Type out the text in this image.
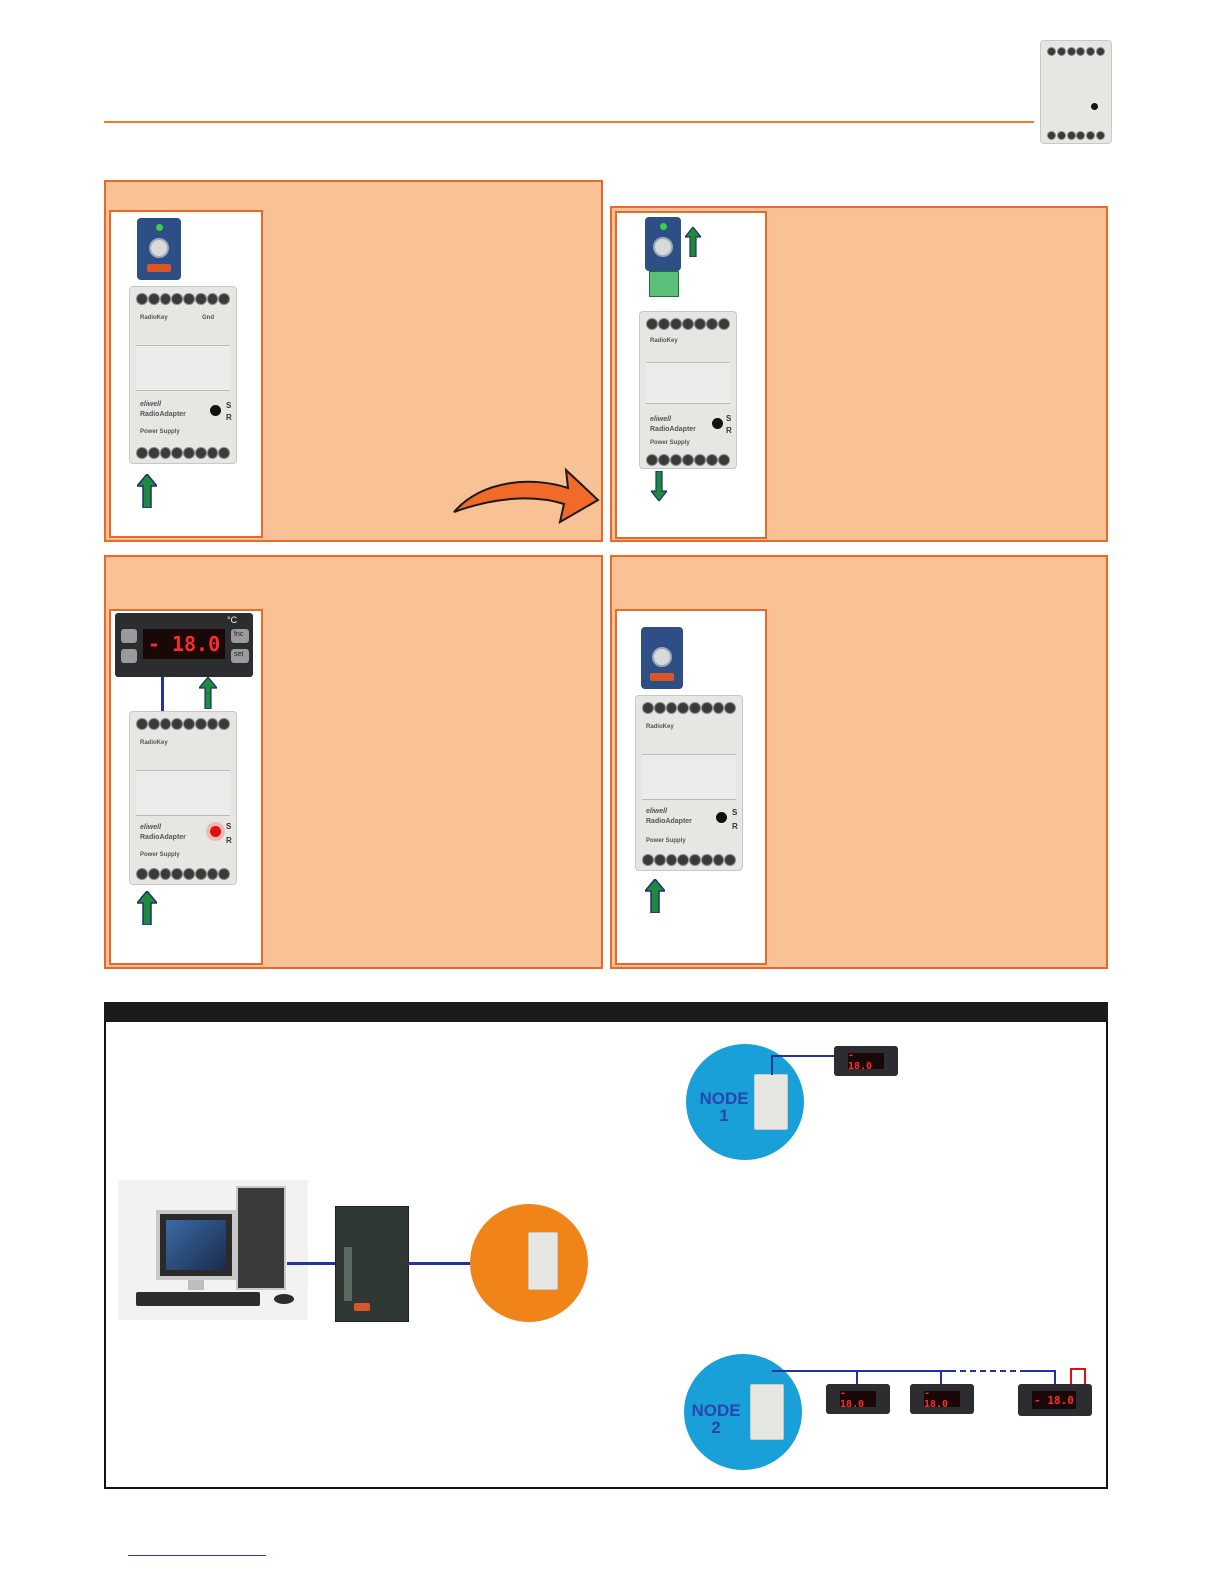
RadioKey	Gnd
eliwell
RadioAdapter
S
R
Power Supply
RadioKey
eliwell
RadioAdapter
S
R
Power Supply
- 18.0
°C
fnc
set
RadioKey
eliwell
RadioAdapter
S
R
Power Supply
RadioKey
eliwell
RadioAdapter
S
R
Power Supply
NODE
1
- 18.0
NODE
2
- 18.0
- 18.0	- 18.0
